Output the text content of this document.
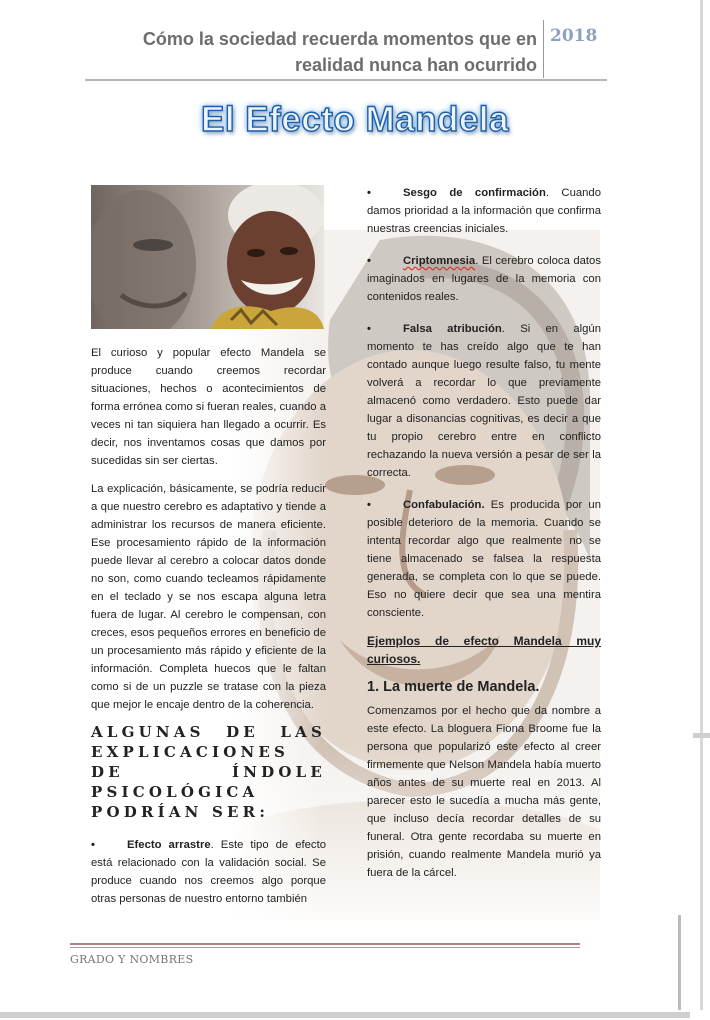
Cómo la sociedad recuerda momentos que en realidad nunca han ocurrido
2018
El Efecto Mandela

El curioso y popular efecto Mandela se produce cuando creemos recordar situaciones, hechos o acontecimientos de forma errónea como si fueran reales, cuando a veces ni tan siquiera han llegado a ocurrir. Es decir, nos inventamos cosas que damos por sucedidas sin ser ciertas.

La explicación, básicamente, se podría reducir a que nuestro cerebro es adaptativo y tiende a administrar los recursos de manera eficiente. Ese procesamiento rápido de la información puede llevar al cerebro a colocar datos donde no son, como cuando tecleamos rápidamente en el teclado y se nos escapa alguna letra fuera de lugar. Al cerebro le compensan, con creces, esos pequeños errores en beneficio de un procesamiento más rápido y eficiente de la información. Completa huecos que le faltan como si de un puzzle se tratase con la pieza que mejor le encaje dentro de la coherencia.

ALGUNAS DE LAS EXPLICACIONES DE ÍNDOLE PSICOLÓGICA PODRÍAN SER:

•	Efecto arrastre. Este tipo de efecto está relacionado con la validación social. Se produce cuando nos creemos algo porque otras personas de nuestro entorno también

•	Sesgo de confirmación. Cuando damos prioridad a la información que confirma nuestras creencias iniciales.

•	Criptomnesia. El cerebro coloca datos imaginados en lugares de la memoria con contenidos reales.

•	Falsa atribución. Si en algún momento te has creído algo que te han contado aunque luego resulte falso, tu mente volverá a recordar lo que previamente almacenó como verdadero. Esto puede dar lugar a disonancias cognitivas, es decir a que tu propio cerebro entre en conflicto rechazando la nueva versión a pesar de ser la correcta.

•	Confabulación. Es producida por un posible deterioro de la memoria. Cuando se intenta recordar algo que realmente no se tiene almacenado se falsea la respuesta generada, se completa con lo que se puede. Eso no quiere decir que sea una mentira consciente.

Ejemplos de efecto Mandela muy curiosos.

1. La muerte de Mandela.

Comenzamos por el hecho que da nombre a este efecto. La bloguera Fiona Broome fue la persona que popularizó este efecto al creer firmemente que Nelson Mandela había muerto años antes de su muerte real en 2013. Al parecer esto le sucedía a mucha más gente, que incluso decía recordar detalles de su funeral. Otra gente recordaba su muerte en prisión, cuando realmente Mandela murió ya fuera de la cárcel.

GRADO Y NOMBRES
